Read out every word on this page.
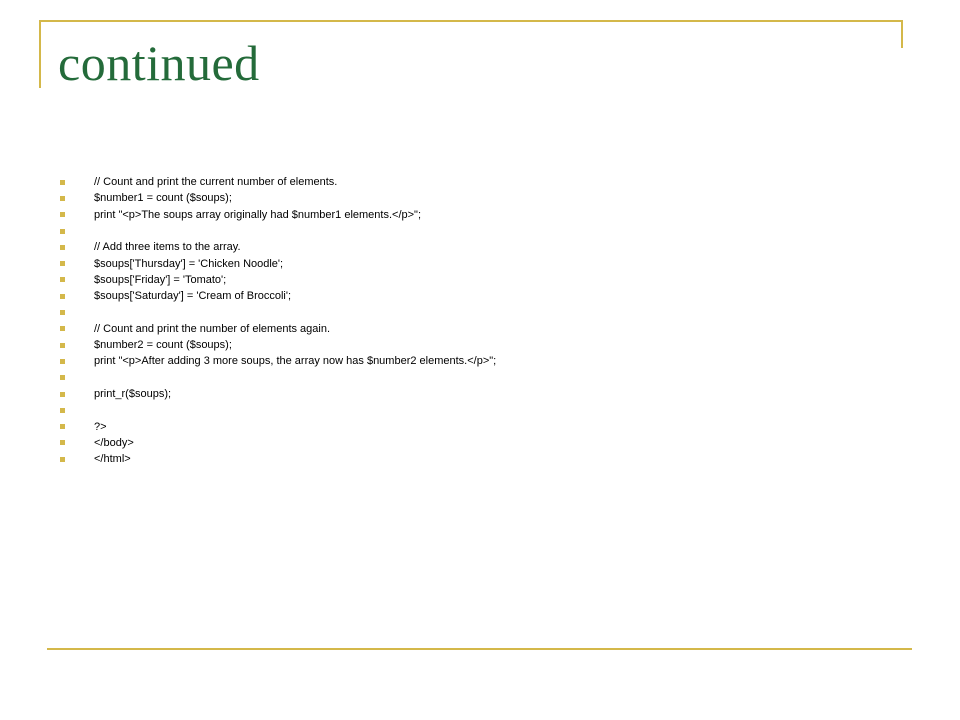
continued
// Count and print the current number of elements.
$number1 = count ($soups);
print "<p>The soups array originally had $number1 elements.</p>";
// Add three items to the array.
$soups['Thursday'] = 'Chicken Noodle';
$soups['Friday'] = 'Tomato';
$soups['Saturday'] = 'Cream of Broccoli';
// Count and print the number of elements again.
$number2 = count ($soups);
print "<p>After adding 3 more soups, the array now has $number2 elements.</p>";
print_r($soups);
?>
</body>
</html>
